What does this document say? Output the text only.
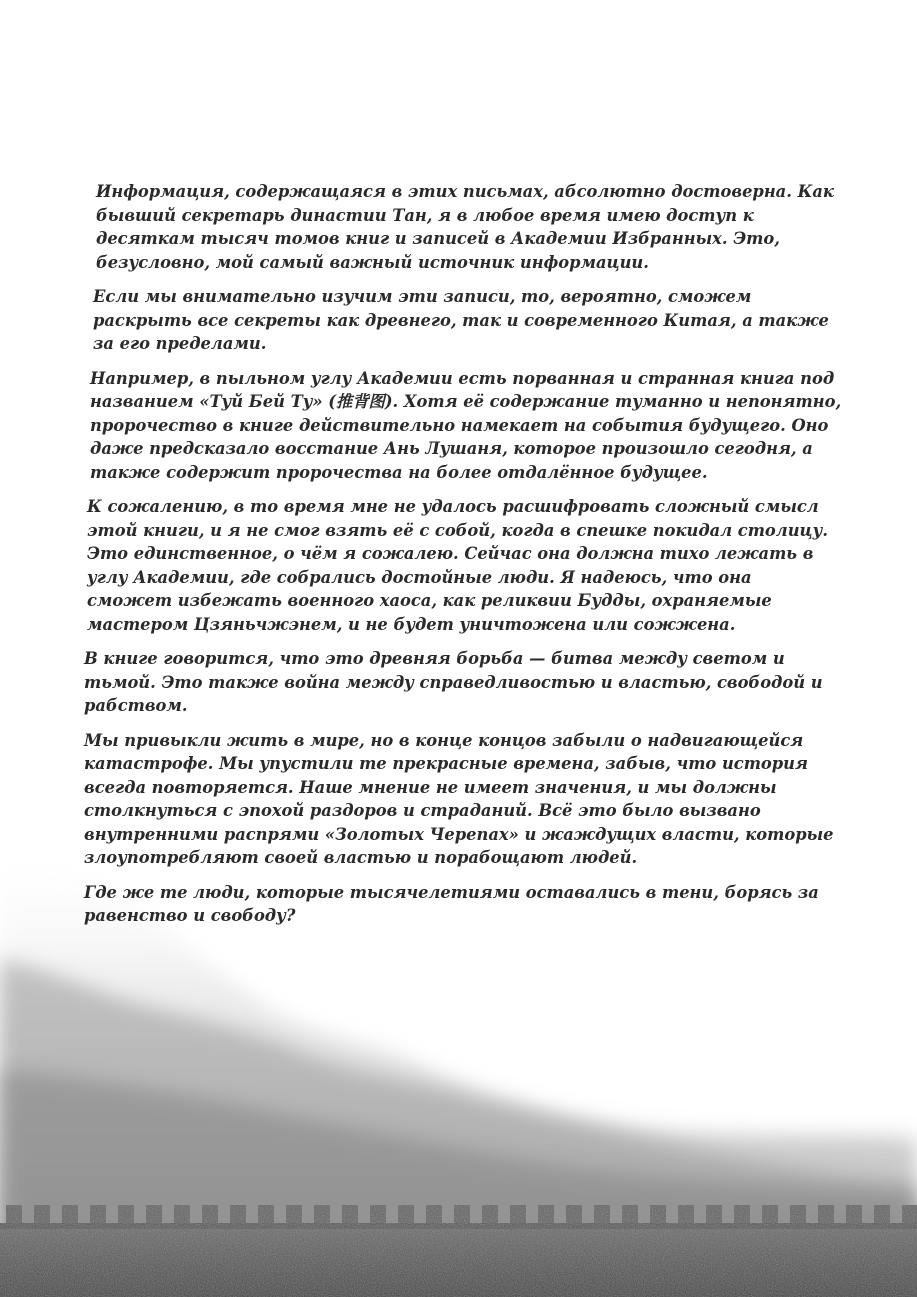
Информация, содержащаяся в этих письмах, абсолютно достоверна. Как бывший секретарь династии Тан, я в любое время имею доступ к десяткам тысяч томов книг и записей в Академии Избранных. Это, безусловно, мой самый важный источник информации.

Если мы внимательно изучим эти записи, то, вероятно, сможем раскрыть все секреты как древнего, так и современного Китая, а также за его пределами.

Например, в пыльном углу Академии есть порванная и странная книга под названием «Туй Бей Ту» (推背图). Хотя её содержание туманно и непонятно, пророчество в книге действительно намекает на события будущего. Оно даже предсказало восстание Ань Лушаня, которое произошло сегодня, а также содержит пророчества на более отдалённое будущее.

К сожалению, в то время мне не удалось расшифровать сложный смысл этой книги, и я не смог взять её с собой, когда в спешке покидал столицу. Это единственное, о чём я сожалею. Сейчас она должна тихо лежать в углу Академии, где собрались достойные люди. Я надеюсь, что она сможет избежать военного хаоса, как реликвии Будды, охраняемые мастером Цзяньчжэнем, и не будет уничтожена или сожжена.

В книге говорится, что это древняя борьба — битва между светом и тьмой. Это также война между справедливостью и властью, свободой и рабством.

Мы привыкли жить в мире, но в конце концов забыли о надвигающейся катастрофе. Мы упустили те прекрасные времена, забыв, что история всегда повторяется. Наше мнение не имеет значения, и мы должны столкнуться с эпохой раздоров и страданий. Всё это было вызвано внутренними распрями «Золотых Черепах» и жаждущих власти, которые злоупотребляют своей властью и порабощают людей.

Где же те люди, которые тысячелетиями оставались в тени, борясь за равенство и свободу?
